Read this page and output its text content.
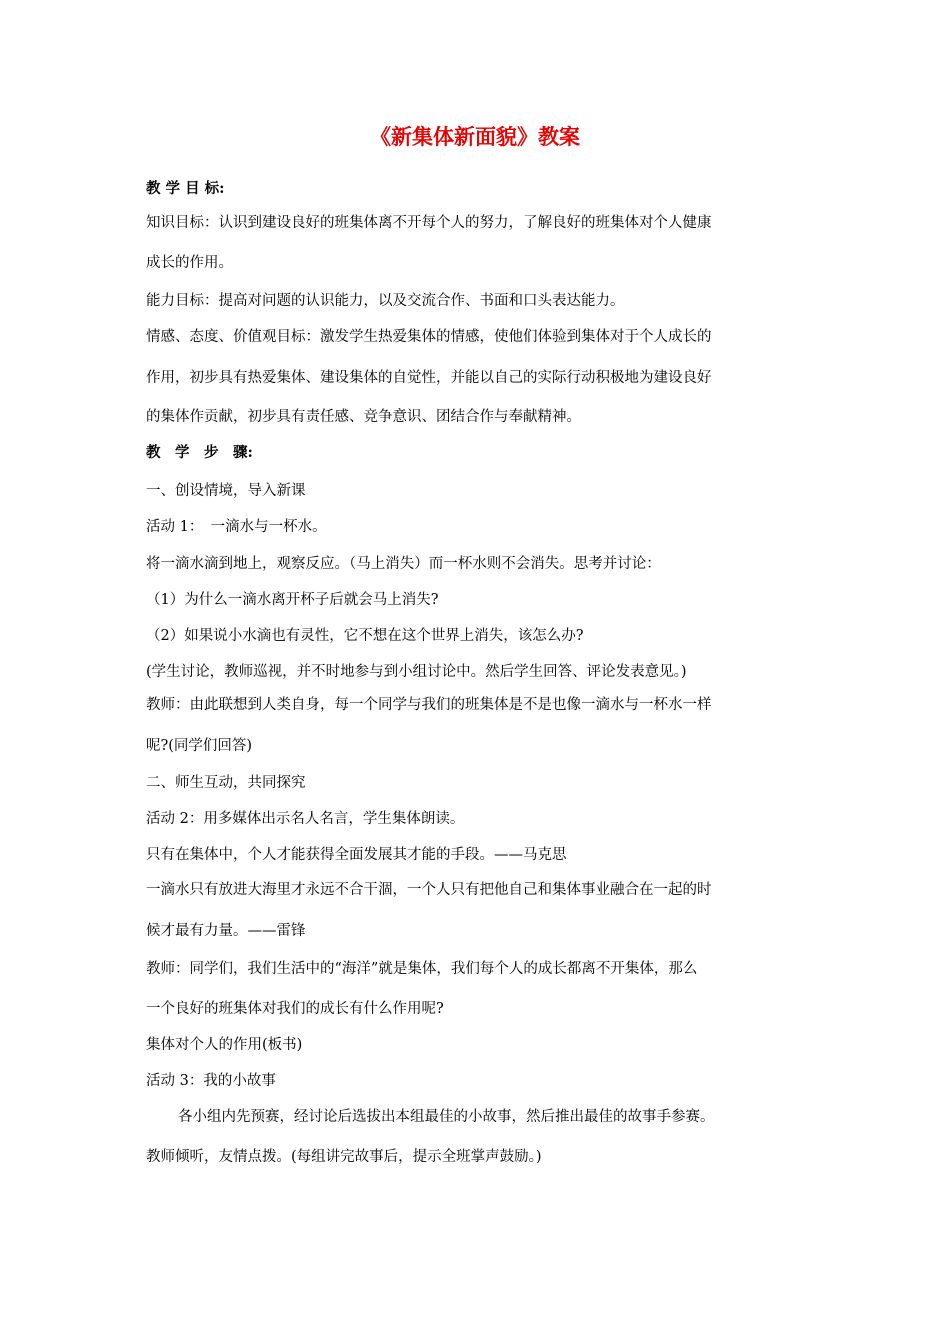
《新集体新面貌》教案
教 学 目 标:
知识目标：认识到建设良好的班集体离不开每个人的努力，了解良好的班集体对个人健康
成长的作用。
能力目标：提高对问题的认识能力，以及交流合作、书面和口头表达能力。
情感、态度、价值观目标：激发学生热爱集体的情感，使他们体验到集体对于个人成长的
作用，初步具有热爱集体、建设集体的自觉性，并能以自己的实际行动积极地为建设良好
的集体作贡献，初步具有责任感、竞争意识、团结合作与奉献精神。
教　学　步　骤:
一、创设情境，导入新课
活动 1：　一滴水与一杯水。
将一滴水滴到地上，观察反应。（马上消失）而一杯水则不会消失。思考并讨论：
（1）为什么一滴水离开杯子后就会马上消失?
（2）如果说小水滴也有灵性，它不想在这个世界上消失，该怎么办?
(学生讨论，教师巡视，并不时地参与到小组讨论中。然后学生回答、评论发表意见。)
教师：由此联想到人类自身，每一个同学与我们的班集体是不是也像一滴水与一杯水一样
呢?(同学们回答)
二、师生互动，共同探究
活动 2：用多媒体出示名人名言，学生集体朗读。
只有在集体中，个人才能获得全面发展其才能的手段。——马克思
一滴水只有放进大海里才永远不合干涸，一个人只有把他自己和集体事业融合在一起的时
候才最有力量。——雷锋
教师：同学们，我们生活中的“海洋”就是集体，我们每个人的成长都离不开集体，那么
一个良好的班集体对我们的成长有什么作用呢?
集体对个人的作用(板书)
活动 3：我的小故事
各小组内先预赛，经讨论后选拔出本组最佳的小故事，然后推出最佳的故事手参赛。
教师倾听，友情点拨。(每组讲完故事后，提示全班掌声鼓励。)
